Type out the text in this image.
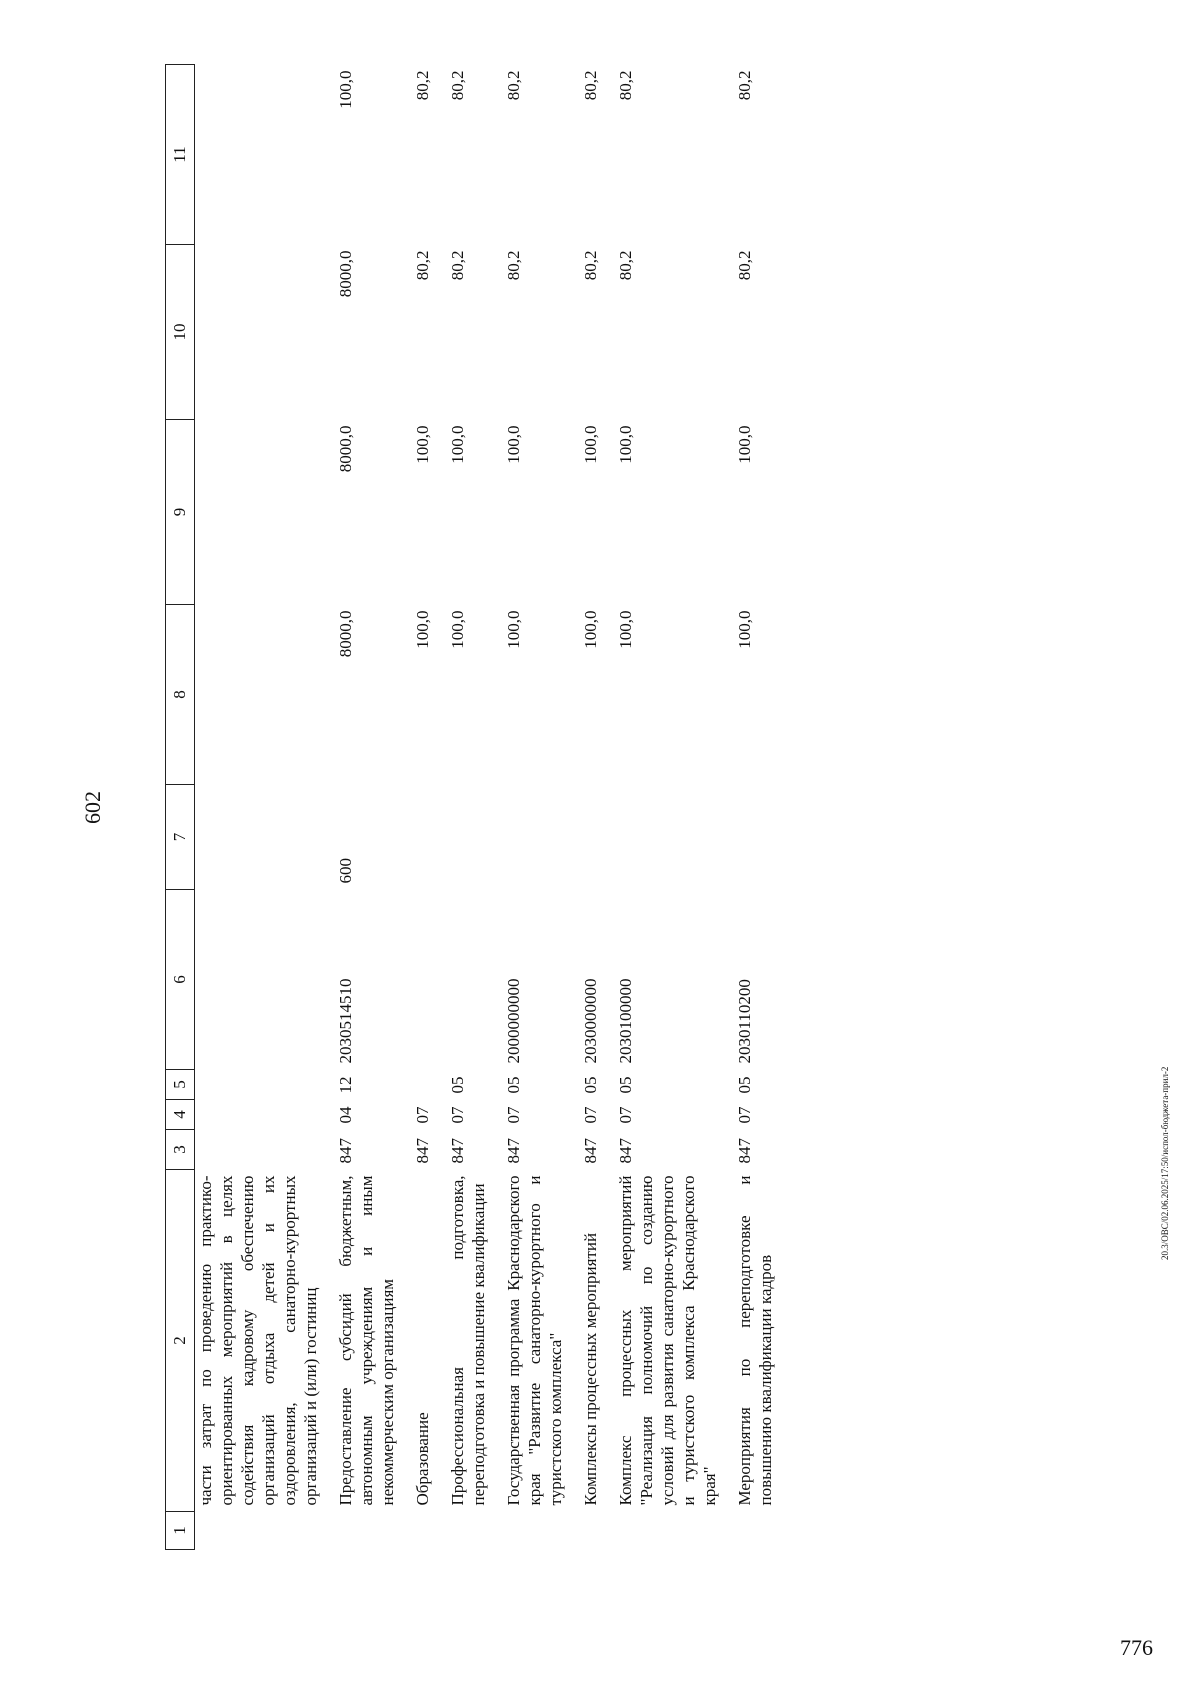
602
1	2	3	4	5	6	7	8	9	10	11
	части затрат по проведению практико-ориентированных мероприятий в целях содействия кадровому обеспечению организаций отдыха детей и их оздоровления, санаторно-курортных организаций и (или) гостиниц									
	Предоставление субсидий бюджетным, автономным учреждениям и иным некоммерческим организациям	847	04	12	2030514510	600	8000,0	8000,0	8000,0	100,0
	Образование	847	07				100,0	100,0	80,2	80,2
	Профессиональная подготовка, переподготовка и повышение квалификации	847	07	05			100,0	100,0	80,2	80,2
	Государственная программа Краснодарского края "Развитие санаторно-курортного и туристского комплекса"	847	07	05	2000000000		100,0	100,0	80,2	80,2
	Комплексы процессных мероприятий	847	07	05	2030000000		100,0	100,0	80,2	80,2
	Комплекс процессных мероприятий "Реализация полномочий по созданию условий для развития санаторно-курортного и туристского комплекса Краснодарского края"	847	07	05	2030100000		100,0	100,0	80,2	80,2
	Мероприятия по переподготовке и повышению квалификации кадров	847	07	05	2030110200		100,0	100,0	80,2	80,2
20.3/ОВС/02.06.2025/17:50/испол-бюджета-прил-2
776
